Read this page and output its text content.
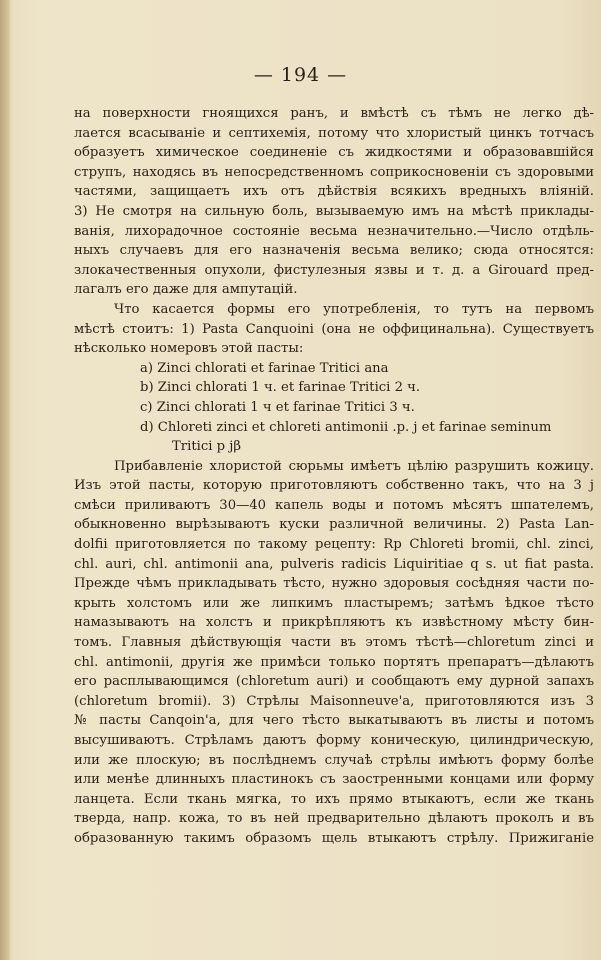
— 194 —
на поверхности гноящихся ранъ, и вмѣстѣ съ тѣмъ не легко дѣ-
лается всасываніе и септихемія, потому что хлористый цинкъ тотчасъ
образуетъ химическое соединеніе съ жидкостями и образовавшійся
струпъ, находясь въ непосредственномъ соприкосновеніи съ здоровыми
частями, защищаетъ ихъ отъ дѣйствія всякихъ вредныхъ вліяній.
3) Не смотря на сильную боль, вызываемую имъ на мѣстѣ приклады-
ванія, лихорадочное состояніе весьма незначительно.—Число отдѣль-
ныхъ случаевъ для его назначенія весьма велико; сюда относятся:
злокачественныя опухоли, фистулезныя язвы и т. д. а Girouard пред-
лагалъ его даже для ампутацій.
Что касается формы его употребленія, то тутъ на первомъ
мѣстѣ стоитъ: 1) Pasta Canquoini (она не оффицинальна). Существуетъ
нѣсколько номеровъ этой пасты:
a) Zinci chlorati et farinae Tritici ana
b) Zinci chlorati 1 ч. et farinae Tritici 2 ч.
c) Zinci chlorati 1 ч et farinae Tritici 3 ч.
d) Chloreti zinci et chloreti antimonii .р. j et farinae seminum
Tritici р jβ
Прибавленіе хлористой сюрьмы имѣетъ цѣлію разрушить кожицу.
Изъ этой пасты, которую приготовляютъ собственно такъ, что на 3 j
смѣси приливаютъ 30—40 капель воды и потомъ мѣсятъ шпателемъ,
обыкновенно вырѣзываютъ куски различной величины. 2) Pasta Lan-
dolfii приготовляется по такому рецепту: Rр Chloreti bromii, chl. zinci,
chl. auri, chl. antimonii ana, pulveris radicis Liquiritiae q s. ut fiat pasta.
Прежде чѣмъ прикладывать тѣсто, нужно здоровыя сосѣдняя части по-
крыть холстомъ или же липкимъ пластыремъ; затѣмъ ѣдкое тѣсто
намазываютъ на холстъ и прикрѣпляютъ къ извѣстному мѣсту бин-
томъ. Главныя дѣйствующія части въ этомъ тѣстѣ—chloretum zinci и
chl. antimonii, другія же примѣси только портятъ препаратъ—дѣлаютъ
его расплывающимся (chloretum auri) и сообщаютъ ему дурной запахъ
(chloretum bromii). 3) Стрѣлы Maisonneuve'а, приготовляются изъ 3
№ пасты Canqoin'а, для чего тѣсто выкатываютъ въ листы и потомъ
высушиваютъ. Стрѣламъ даютъ форму коническую, цилиндрическую,
или же плоскую; въ послѣднемъ случаѣ стрѣлы имѣютъ форму болѣе
или менѣе длинныхъ пластинокъ съ заостренными концами или форму
ланцета. Если ткань мягка, то ихъ прямо втыкаютъ, если же ткань
тверда, напр. кожа, то въ ней предварительно дѣлаютъ проколъ и въ
образованную такимъ образомъ щель втыкаютъ стрѣлу. Прижиганіе
